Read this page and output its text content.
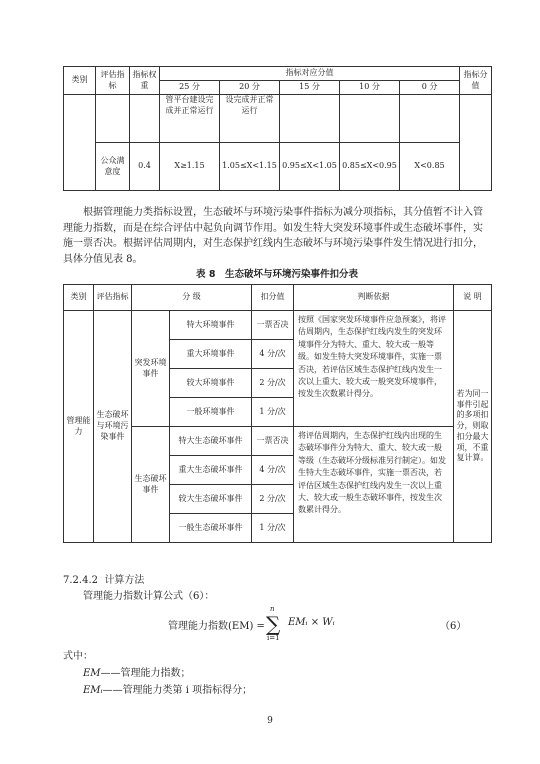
类别	评估指标	指标权重	指标对应分值					指标分值
			25 分	20 分	15 分	10 分	0 分	
			管平台建设完成并正常运行	设完成并正常运行				
	公众满意度	0.4	X≥1.15	1.05≤X<1.15	0.95≤X<1.05	0.85≤X<0.95	X<0.85	

根据管理能力类指标设置，生态破坏与环境污染事件指标为减分项指标，其分值暂不计入管理能力指数，而是在综合评估中起负向调节作用。如发生特大突发环境事件或生态破坏事件，实施一票否决。根据评估周期内，对生态保护红线内生态破坏与环境污染事件发生情况进行扣分，具体分值见表 8。

表 8　生态破坏与环境污染事件扣分表
类别	评估指标	分 级		扣分值	判断依据	说 明
管理能力	生态破坏与环境污染事件	突发环境事件	特大环境事件	一票否决	按照《国家突发环境事件应急预案》，将评估周期内，生态保护红线内发生的突发环境事件分为特大、重大、较大或一般等级。如发生特大突发环境事件，实施一票否决，若评估区域生态保护红线内发生一次以上重大、较大或一般突发环境事件，按发生次数累计得分。	若为同一事件引起的多项扣分，则取扣分最大项，不重复计算。
			重大环境事件	4 分/次		
			较大环境事件	2 分/次		
			一般环境事件	1 分/次		
		生态破坏事件	特大生态破坏事件	一票否决	将评估周期内，生态保护红线内出现的生态破坏事件分为特大、重大、较大或一般等级（生态破坏分级标准另行制定）。如发生特大生态破坏事件，实施一票否决，若评估区域生态保护红线内发生一次以上重大、较大或一般生态破坏事件，按发生次数累计得分。	
			重大生态破坏事件	4 分/次		
			较大生态破坏事件	2 分/次		
			一般生态破坏事件	1 分/次		
7.2.4.2 计算方法
管理能力指数计算公式（6）：
管理能力指数(EM) =
n
∑
i=1
EMᵢ × Wᵢ	（6）
式中：
EM——管理能力指数；
EMᵢ——管理能力类第 i 项指标得分；
9
